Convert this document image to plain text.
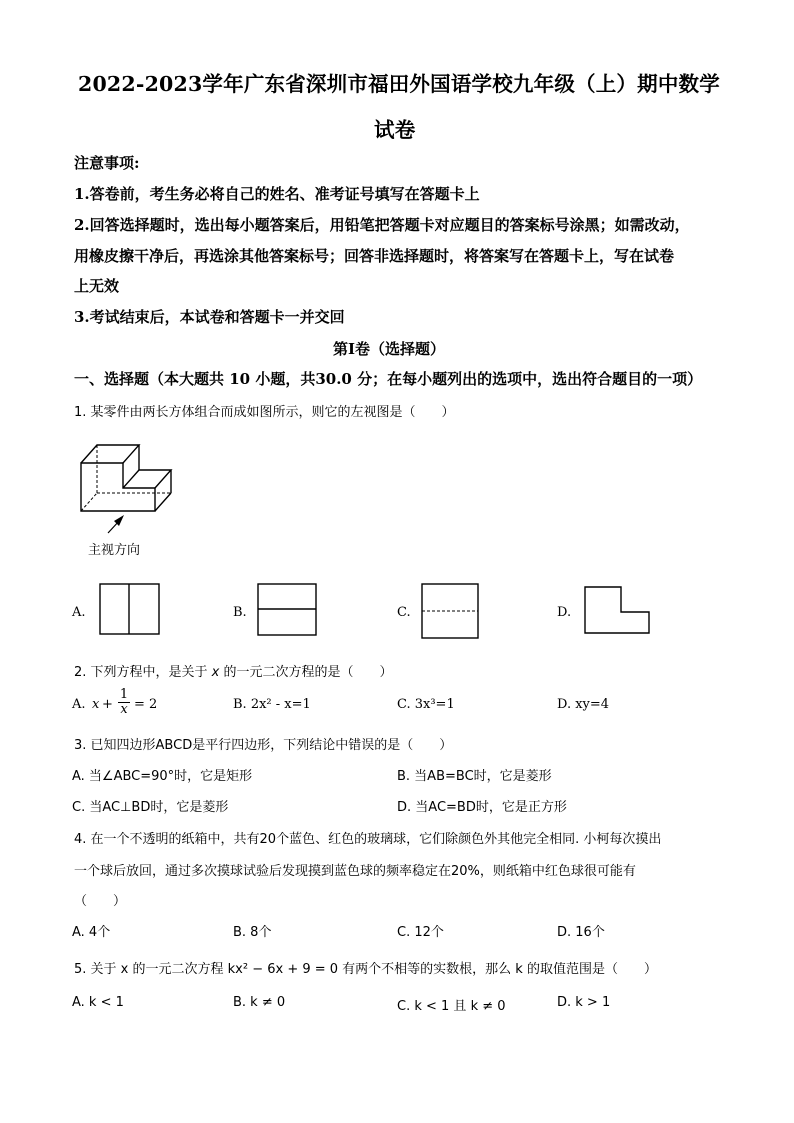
2022-2023学年广东省深圳市福田外国语学校九年级（上）期中数学
试卷
注意事项:
1.答卷前，考生务必将自己的姓名、准考证号填写在答题卡上
2.回答选择题时，选出每小题答案后，用铅笔把答题卡对应题目的答案标号涂黑；如需改动，
用橡皮擦干净后，再选涂其他答案标号；回答非选择题时，将答案写在答题卡上，写在试卷
上无效
3.考试结束后，本试卷和答题卡一并交回
第Ⅰ卷（选择题）
一、选择题（本大题共 10 小题，共30.0 分；在每小题列出的选项中，选出符合题目的一项）
1. 某零件由两长方体组合而成如图所示，则它的左视图是（　　）
主视方向
A.	B.	C.	D.
2. 下列方程中，是关于 x 的一元二次方程的是（　　）
A.  x  +
1
x = 2	B. 2x² - x=1	C. 3x³=1	D. xy=4
3. 已知四边形ABCD是平行四边形，下列结论中错误的是（　　）
A. 当∠ABC=90°时，它是矩形	B. 当AB=BC时，它是菱形
C. 当AC⊥BD时，它是菱形	D. 当AC=BD时，它是正方形
4. 在一个不透明的纸箱中，共有20个蓝色、红色的玻璃球，它们除颜色外其他完全相同. 小柯每次摸出
一个球后放回，通过多次摸球试验后发现摸到蓝色球的频率稳定在20%，则纸箱中红色球很可能有
（　　）
A. 4个	B. 8个	C. 12个	D. 16个
5. 关于 x 的一元二次方程 kx² − 6x + 9 = 0 有两个不相等的实数根，那么 k 的取值范围是（　　）
A. k < 1	B. k ≠ 0	C. k < 1 且 k ≠ 0	D. k > 1
